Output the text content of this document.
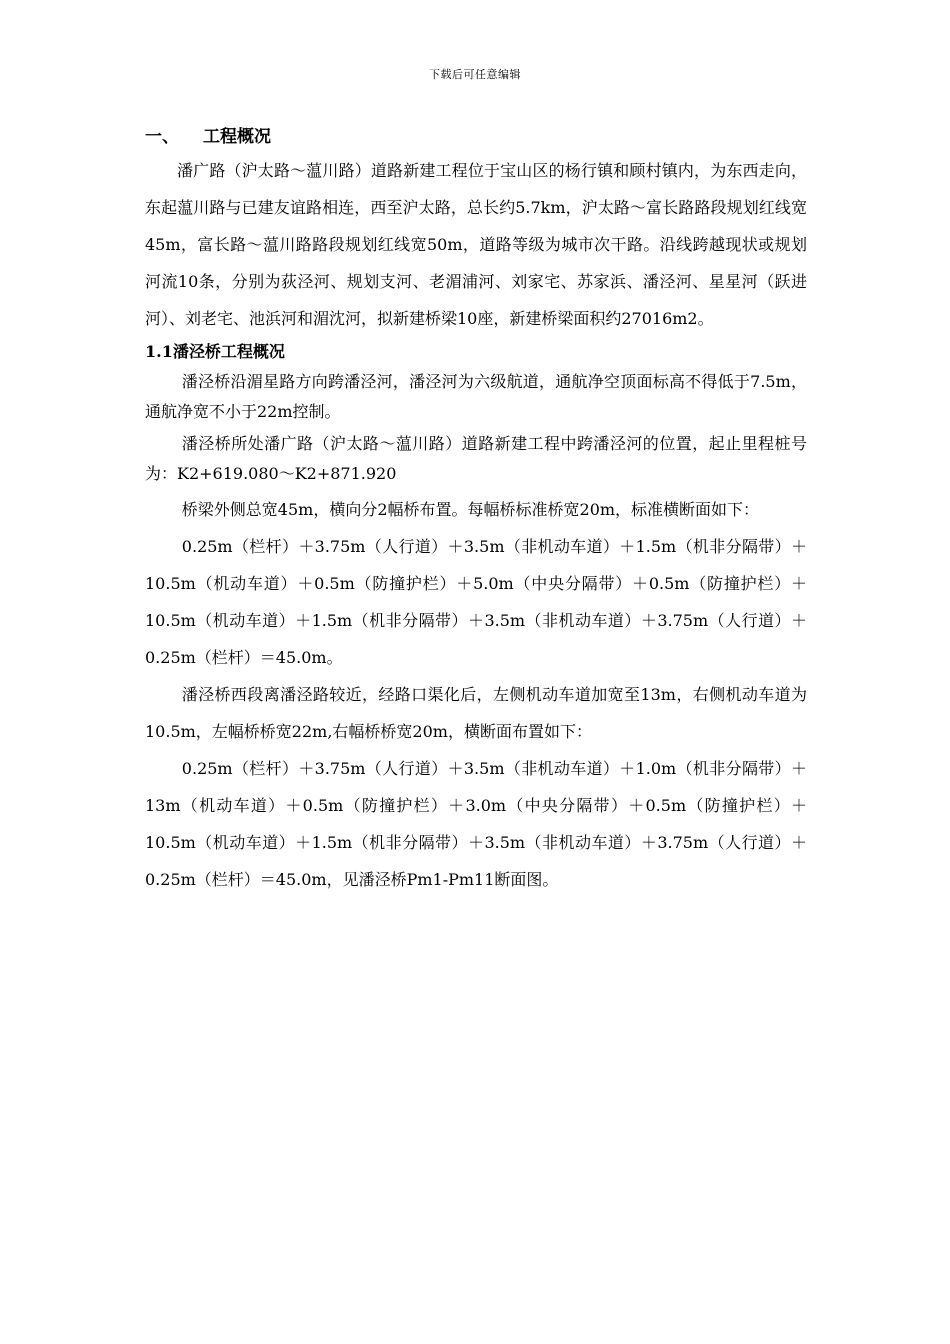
下载后可任意编辑
一、	工程概况

潘广路（沪太路～蕰川路）道路新建工程位于宝山区的杨行镇和顾村镇内，为东西走向，东起蕰川路与已建友谊路相连，西至沪太路，总长约5.7km，沪太路～富长路路段规划红线宽45m，富长路～蕰川路路段规划红线宽50m，道路等级为城市次干路。沿线跨越现状或规划河流10条，分别为荻泾河、规划支河、老湄浦河、刘家宅、苏家浜、潘泾河、星星河（跃进河）、刘老宅、池浜河和湄沈河，拟新建桥梁10座，新建桥梁面积约27016m2。

1.1潘泾桥工程概况

潘泾桥沿湄星路方向跨潘泾河，潘泾河为六级航道，通航净空顶面标高不得低于7.5m，通航净宽不小于22m控制。

潘泾桥所处潘广路（沪太路～蕰川路）道路新建工程中跨潘泾河的位置，起止里程桩号为：K2+619.080～K2+871.920

桥梁外侧总宽45m，横向分2幅桥布置。每幅桥标准桥宽20m，标准横断面如下：

0.25m（栏杆）＋3.75m（人行道）＋3.5m（非机动车道）＋1.5m（机非分隔带）＋10.5m（机动车道）＋0.5m（防撞护栏）＋5.0m（中央分隔带）＋0.5m（防撞护栏）＋10.5m（机动车道）＋1.5m（机非分隔带）＋3.5m（非机动车道）＋3.75m（人行道）＋0.25m（栏杆）＝45.0m。

潘泾桥西段离潘泾路较近，经路口渠化后，左侧机动车道加宽至13m，右侧机动车道为10.5m，左幅桥桥宽22m,右幅桥桥宽20m，横断面布置如下：

0.25m（栏杆）＋3.75m（人行道）＋3.5m（非机动车道）＋1.0m（机非分隔带）＋13m（机动车道）＋0.5m（防撞护栏）＋3.0m（中央分隔带）＋0.5m（防撞护栏）＋10.5m（机动车道）＋1.5m（机非分隔带）＋3.5m（非机动车道）＋3.75m（人行道）＋0.25m（栏杆）＝45.0m，见潘泾桥Pm1-Pm11断面图。
